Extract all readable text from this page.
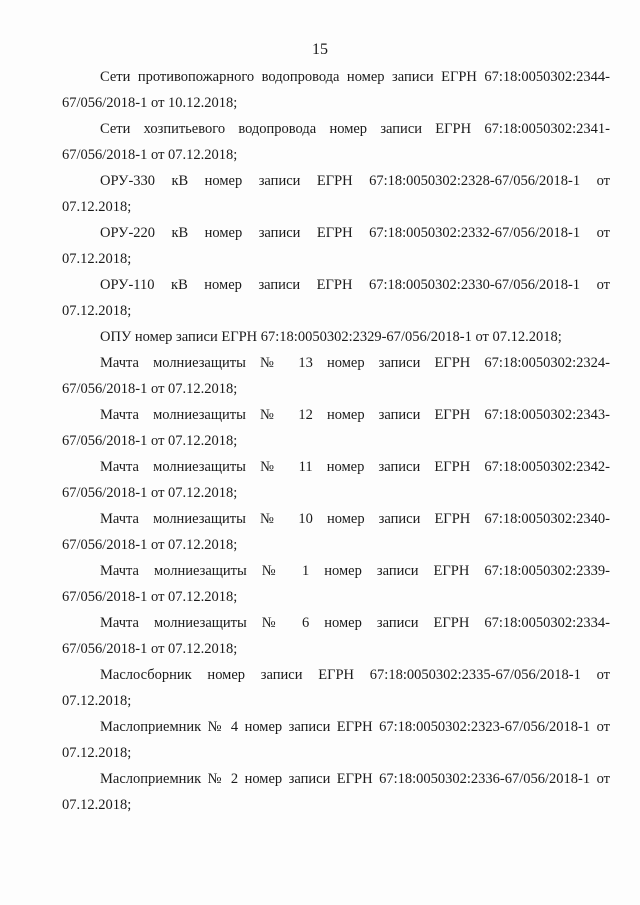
15

Сети противопожарного водопровода номер записи ЕГРН 67:18:0050302:2344-
67/056/2018-1 от 10.12.2018;

Сети хозпитьевого водопровода номер записи ЕГРН 67:18:0050302:2341-
67/056/2018-1 от 07.12.2018;

ОРУ-330 кВ номер записи ЕГРН 67:18:0050302:2328-67/056/2018-1 от
07.12.2018;

ОРУ-220 кВ номер записи ЕГРН 67:18:0050302:2332-67/056/2018-1 от
07.12.2018;

ОРУ-110 кВ номер записи ЕГРН 67:18:0050302:2330-67/056/2018-1 от
07.12.2018;

ОПУ номер записи ЕГРН 67:18:0050302:2329-67/056/2018-1 от 07.12.2018;

Мачта молниезащиты № 13 номер записи ЕГРН 67:18:0050302:2324-
67/056/2018-1 от 07.12.2018;

Мачта молниезащиты № 12 номер записи ЕГРН 67:18:0050302:2343-
67/056/2018-1 от 07.12.2018;

Мачта молниезащиты № 11 номер записи ЕГРН 67:18:0050302:2342-
67/056/2018-1 от 07.12.2018;

Мачта молниезащиты № 10 номер записи ЕГРН 67:18:0050302:2340-
67/056/2018-1 от 07.12.2018;

Мачта молниезащиты № 1 номер записи ЕГРН 67:18:0050302:2339-
67/056/2018-1 от 07.12.2018;

Мачта молниезащиты № 6 номер записи ЕГРН 67:18:0050302:2334-
67/056/2018-1 от 07.12.2018;

Маслосборник номер записи ЕГРН 67:18:0050302:2335-67/056/2018-1 от
07.12.2018;

Маслоприемник № 4 номер записи ЕГРН 67:18:0050302:2323-67/056/2018-1 от
07.12.2018;

Маслоприемник № 2 номер записи ЕГРН 67:18:0050302:2336-67/056/2018-1 от
07.12.2018;
